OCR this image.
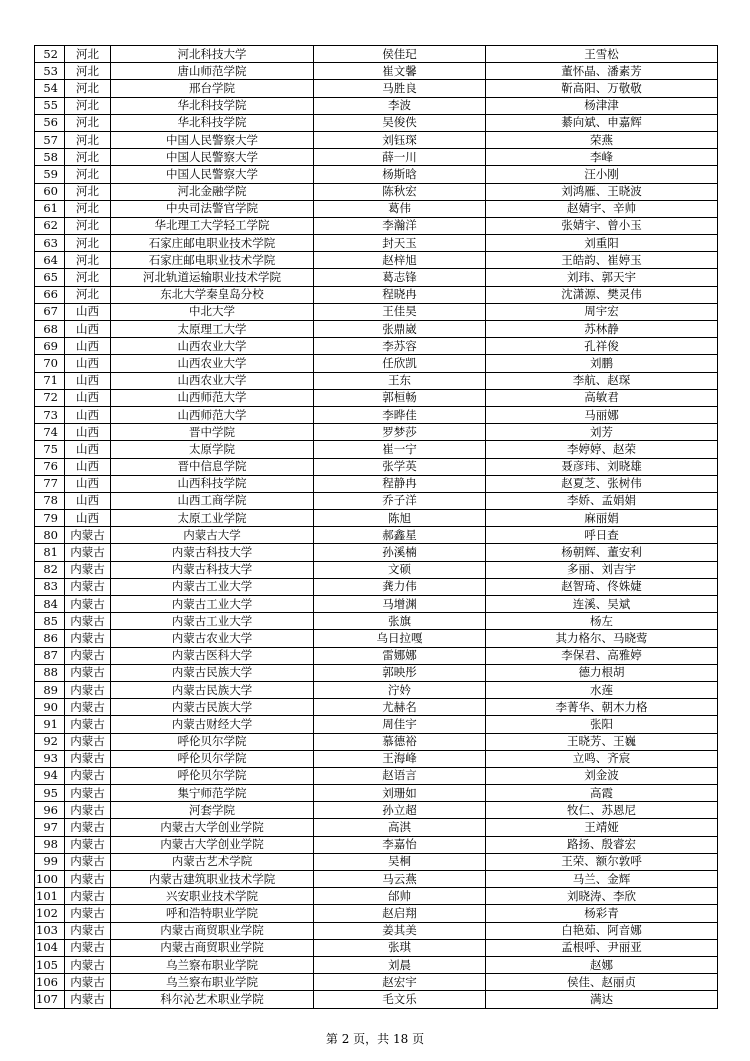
52	河北	河北科技大学	侯佳玘	王雪松
53	河北	唐山师范学院	崔文馨	董怀晶、潘素芳
54	河北	邢台学院	马胜良	靳高阳、万敬敬
55	河北	华北科技学院	李波	杨津津
56	河北	华北科技学院	吴俊佚	綦向斌、申嘉辉
57	河北	中国人民警察大学	刘钰琛	荣燕
58	河北	中国人民警察大学	薛一川	李峰
59	河北	中国人民警察大学	杨斯晗	汪小刚
60	河北	河北金融学院	陈秋宏	刘鸿雁、王晓波
61	河北	中央司法警官学院	葛伟	赵婧宇、辛帅
62	河北	华北理工大学轻工学院	李瀚洋	张婧宇、曾小玉
63	河北	石家庄邮电职业技术学院	封天玉	刘重阳
64	河北	石家庄邮电职业技术学院	赵梓旭	王皓韵、崔婷玉
65	河北	河北轨道运输职业技术学院	葛志锋	刘玮、郭天宇
66	河北	东北大学秦皇岛分校	程晓冉	沈潇源、樊灵伟
67	山西	中北大学	王佳昊	周宇宏
68	山西	太原理工大学	张鼎崴	苏林静
69	山西	山西农业大学	李苏容	孔祥俊
70	山西	山西农业大学	任欣凯	刘鹏
71	山西	山西农业大学	王东	李航、赵琛
72	山西	山西师范大学	郭桓畅	高敏君
73	山西	山西师范大学	李晔佳	马丽娜
74	山西	晋中学院	罗梦莎	刘芳
75	山西	太原学院	崔一宁	李婷婷、赵荣
76	山西	晋中信息学院	张学英	聂彦玮、刘晓雄
77	山西	山西科技学院	程静冉	赵夏芝、张树伟
78	山西	山西工商学院	乔子洋	李娇、孟娟娟
79	山西	太原工业学院	陈旭	麻丽娟
80	内蒙古	内蒙古大学	郝鑫星	呼日查
81	内蒙古	内蒙古科技大学	孙溪楠	杨朝辉、董安利
82	内蒙古	内蒙古科技大学	文硕	多丽、刘吉宇
83	内蒙古	内蒙古工业大学	龚力伟	赵智琦、佟姝婕
84	内蒙古	内蒙古工业大学	马增渊	连溪、吴斌
85	内蒙古	内蒙古工业大学	张旗	杨左
86	内蒙古	内蒙古农业大学	乌日拉嘎	其力格尔、马晓莺
87	内蒙古	内蒙古医科大学	雷娜娜	李保君、高雅婷
88	内蒙古	内蒙古民族大学	郭映彤	德力根胡
89	内蒙古	内蒙古民族大学	泞妗	水莲
90	内蒙古	内蒙古民族大学	尤赫名	李菁华、朝木力格
91	内蒙古	内蒙古财经大学	周佳宇	张阳
92	内蒙古	呼伦贝尔学院	慕德裕	王晓芳、王巍
93	内蒙古	呼伦贝尔学院	王海峰	立鸣、齐宸
94	内蒙古	呼伦贝尔学院	赵语言	刘金波
95	内蒙古	集宁师范学院	刘珊如	高霞
96	内蒙古	河套学院	孙立超	牧仁、苏恩尼
97	内蒙古	内蒙古大学创业学院	高淇	王靖娅
98	内蒙古	内蒙古大学创业学院	李嘉怡	路扬、殷睿宏
99	内蒙古	内蒙古艺术学院	吴桐	王荣、额尔敦呼
100	内蒙古	内蒙古建筑职业技术学院	马云燕	马兰、金辉
101	内蒙古	兴安职业技术学院	邰帅	刘晓涛、李欣
102	内蒙古	呼和浩特职业学院	赵启翔	杨彩青
103	内蒙古	内蒙古商贸职业学院	姜其美	白艳茹、阿音娜
104	内蒙古	内蒙古商贸职业学院	张琪	孟根呼、尹丽亚
105	内蒙古	乌兰察布职业学院	刘晨	赵娜
106	内蒙古	乌兰察布职业学院	赵宏宇	侯佳、赵丽贞
107	内蒙古	科尔沁艺术职业学院	毛文乐	满达
第 2 页，共 18 页
